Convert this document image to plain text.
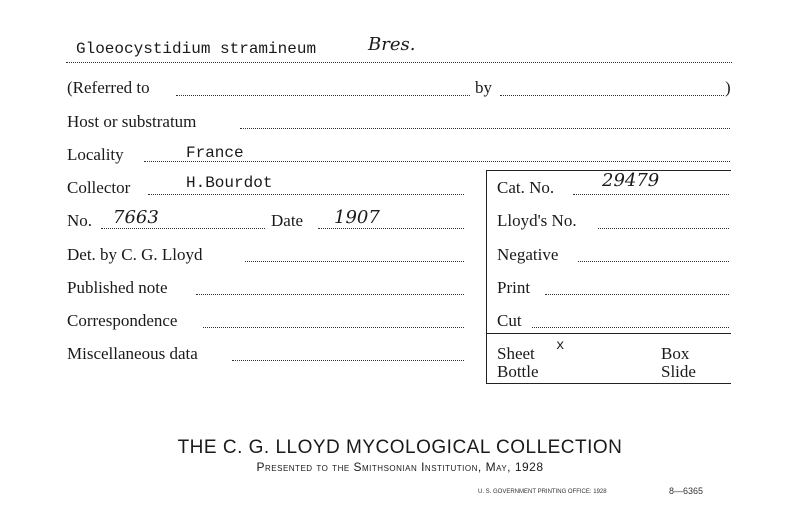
Gloeocystidium stramineum	Bres.
(Referred to	by	)
Host or substratum
Locality	France
Collector	H.Bourdot
No. 7663	Date 1907
Det. by C. G. Lloyd
Published note
Correspondence
Miscellaneous data
Cat. No.	29479
Lloyd's No.
Negative
Print
Cut
Sheet x	Box
Bottle	Slide
THE C. G. LLOYD MYCOLOGICAL COLLECTION
Presented to the Smithsonian Institution, May, 1928
U. S. GOVERNMENT PRINTING OFFICE: 1928	8—6365
